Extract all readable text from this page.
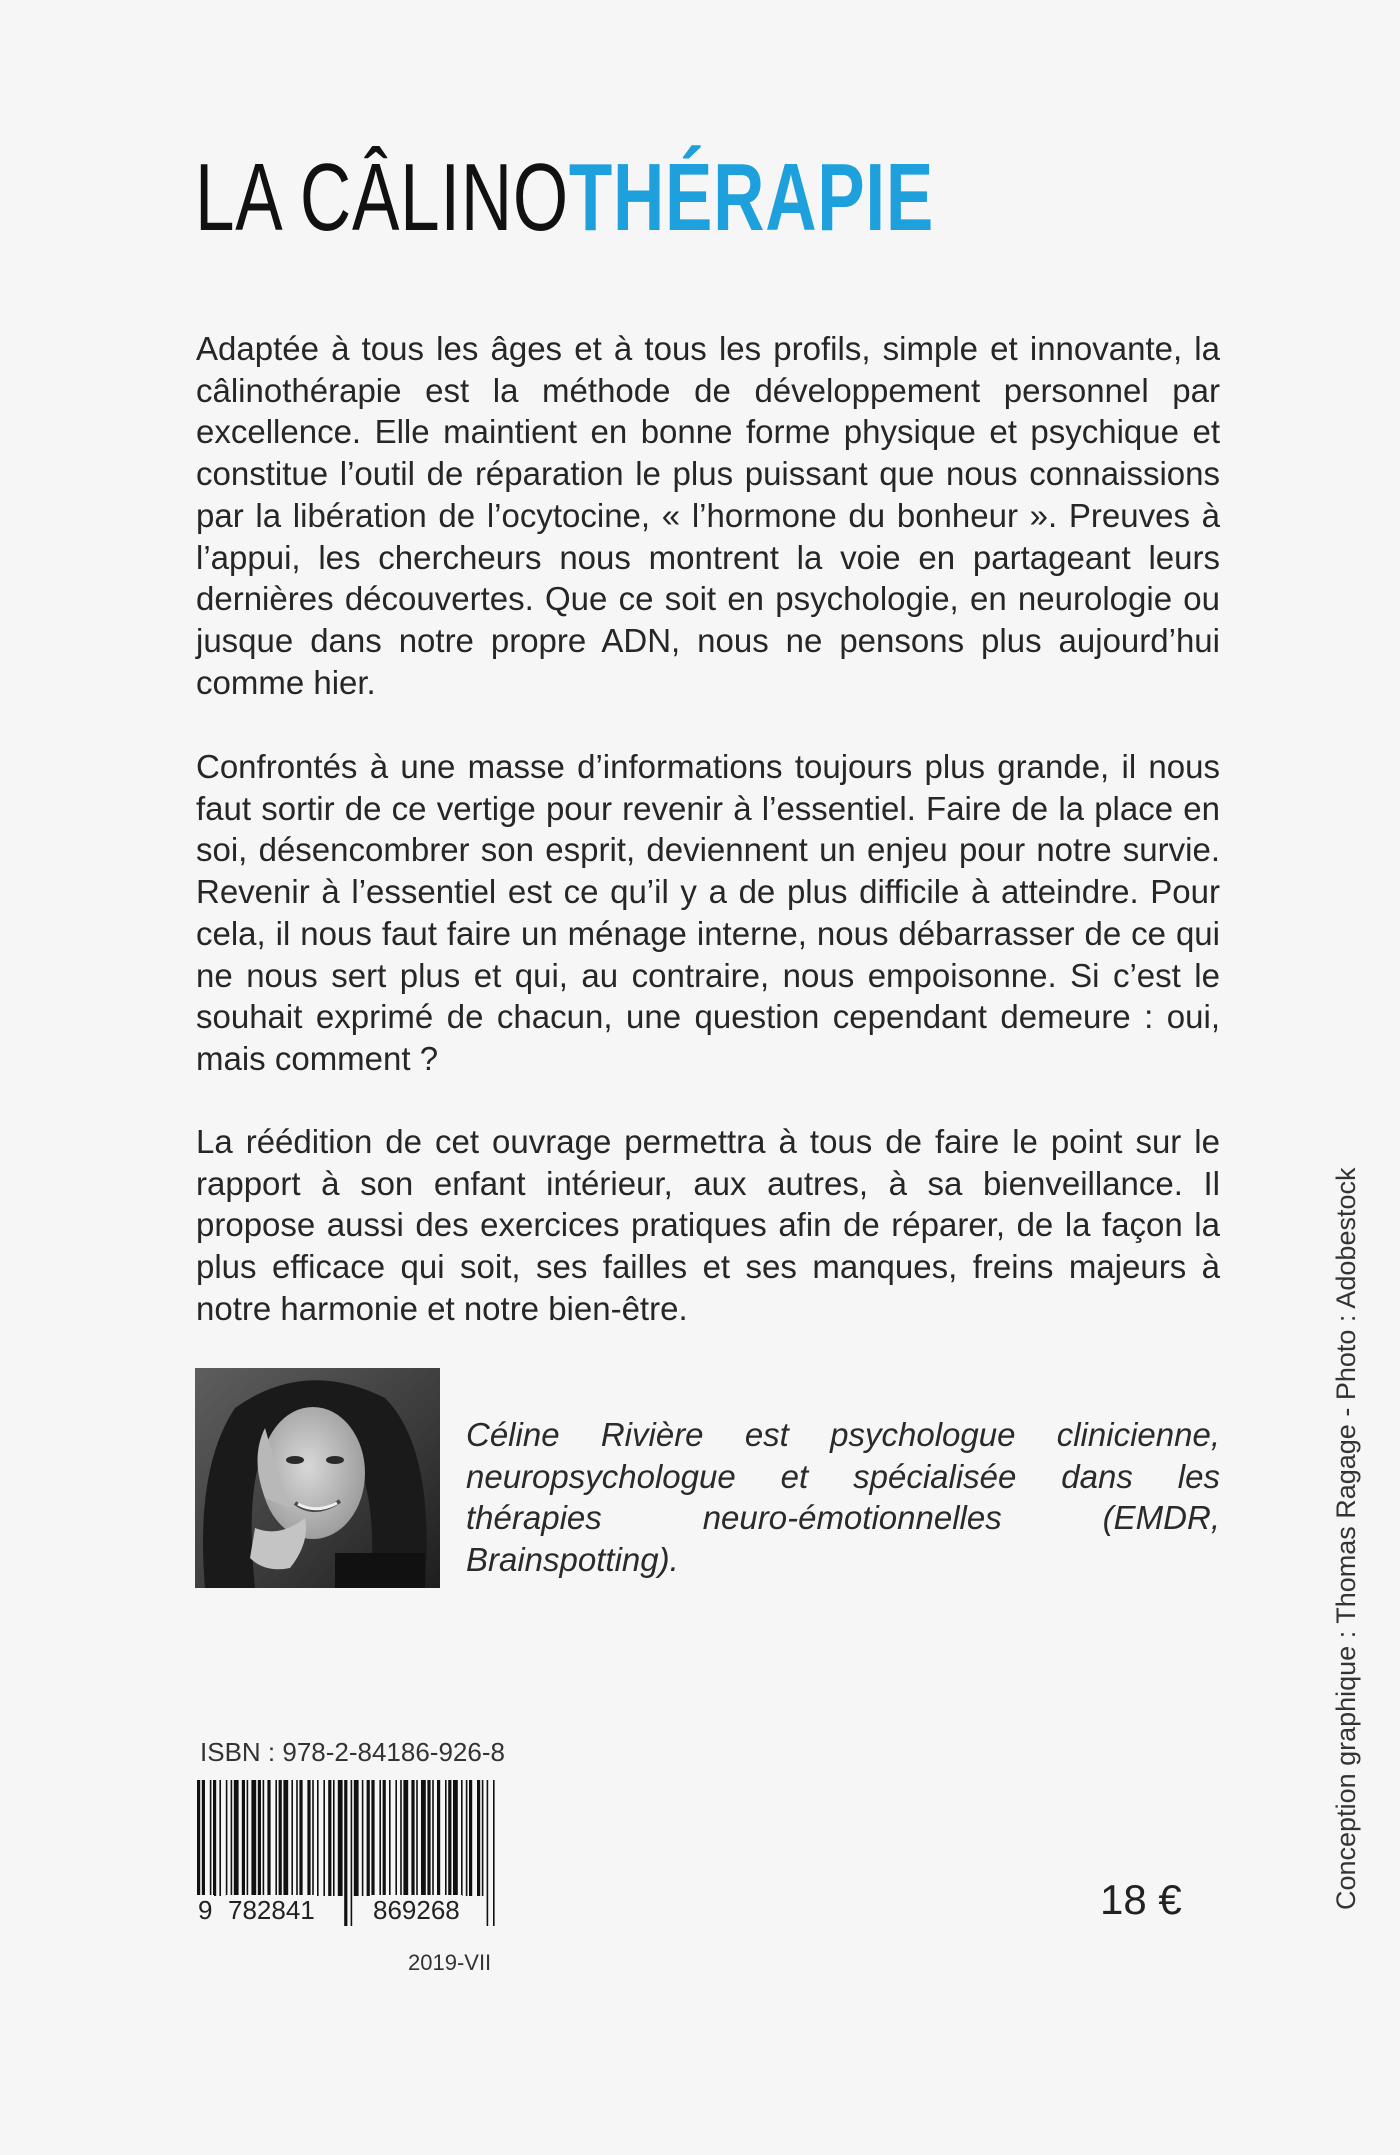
LA CÂLINOTHÉRAPIE

Adaptée à tous les âges et à tous les profils, simple et innovante, la câlinothérapie est la méthode de développement personnel par excellence. Elle maintient en bonne forme physique et psychique et constitue l’outil de réparation le plus puissant que nous connaissions par la libération de l’ocytocine, « l’hormone du bonheur ». Preuves à l’appui, les chercheurs nous montrent la voie en partageant leurs dernières découvertes. Que ce soit en psychologie, en neurologie ou jusque dans notre propre ADN, nous ne pensons plus aujourd’hui comme hier.

Confrontés à une masse d’informations toujours plus grande, il nous faut sortir de ce vertige pour revenir à l’essentiel. Faire de la place en soi, désencombrer son esprit, deviennent un enjeu pour notre survie. Revenir à l’essentiel est ce qu’il y a de plus difficile à atteindre. Pour cela, il nous faut faire un ménage interne, nous débarrasser de ce qui ne nous sert plus et qui, au contraire, nous empoisonne. Si c’est le souhait exprimé de chacun, une question cependant demeure : oui, mais comment ?

La réédition de cet ouvrage permettra à tous de faire le point sur le rapport à son enfant intérieur, aux autres, à sa bienveillance. Il propose aussi des exercices pratiques afin de réparer, de la façon la plus efficace qui soit, ses failles et ses manques, freins majeurs à notre harmonie et notre bien-être.

Céline Rivière est psychologue clinicienne, neuropsychologue et spécialisée dans les thérapies neuro-émotionnelles (EMDR, Brainspotting).

ISBN : 978-2-84186-926-8
9 782841 869268
2019-VII
18 €	Conception graphique : Thomas Ragage - Photo : Adobestock
